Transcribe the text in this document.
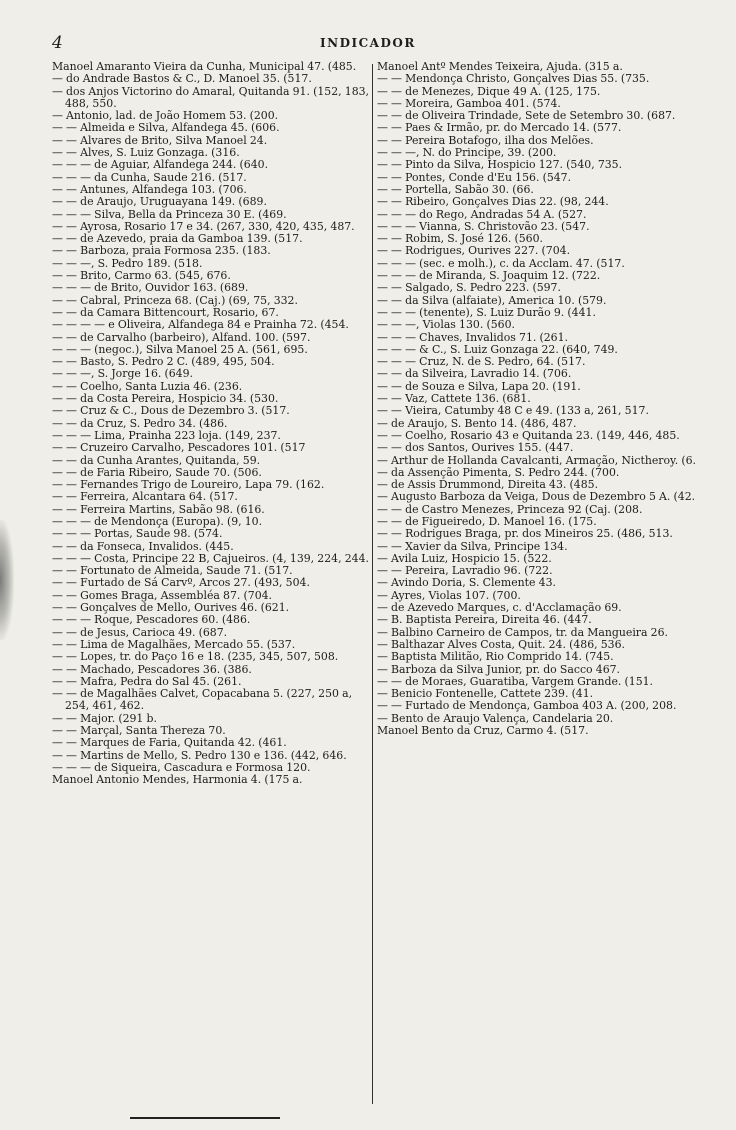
4	INDICADOR

Manoel Amaranto Vieira da Cunha, Municipal 47. (485.

— do Andrade Bastos & C., D. Manoel 35. (517.

— dos Anjos Victorino do Amaral, Quitanda 91. (152, 183, 488, 550.

— Antonio, lad. de João Homem 53. (200.

— — Almeida e Silva, Alfandega 45. (606.

— — Alvares de Brito, Silva Manoel 24.

— — Alves, S. Luiz Gonzaga. (316.

— — — de Aguiar, Alfandega 244. (640.

— — — da Cunha, Saude 216. (517.

— — Antunes, Alfandega 103. (706.

— — de Araujo, Uruguayana 149. (689.

— — — Silva, Bella da Princeza 30 E. (469.

— — Ayrosa, Rosario 17 e 34. (267, 330, 420, 435, 487.

— — de Azevedo, praia da Gamboa 139. (517.

— — Barboza, praia Formosa 235. (183.

— — —, S. Pedro 189. (518.

— — Brito, Carmo 63. (545, 676.

— — — de Brito, Ouvidor 163. (689.

— — Cabral, Princeza 68. (Caj.) (69, 75, 332.

— — da Camara Bittencourt, Rosario, 67.

— — — — e Oliveira, Alfandega 84 e Prainha 72. (454.

— — de Carvalho (barbeiro), Alfand. 100. (597.

— — — (negoc.), Silva Manoel 25 A. (561, 695.

— — Basto, S. Pedro 2 C. (489, 495, 504.

— — —, S. Jorge 16. (649.

— — Coelho, Santa Luzia 46. (236.

— — da Costa Pereira, Hospicio 34. (530.

— — Cruz & C., Dous de Dezembro 3. (517.

— — da Cruz, S. Pedro 34. (486.

— — — Lima, Prainha 223 loja. (149, 237.

— — Cruzeiro Carvalho, Pescadores 101. (517

— — da Cunha Arantes, Quitanda, 59.

— — de Faria Ribeiro, Saude 70. (506.

— — Fernandes Trigo de Loureiro, Lapa 79. (162.

— — Ferreira, Alcantara 64. (517.

— — Ferreira Martins, Sabão 98. (616.

— — — de Mendonça (Europa). (9, 10.

— — — Portas, Saude 98. (574.

— — da Fonseca, Invalidos. (445.

— — — Costa, Principe 22 B, Cajueiros. (4, 139, 224, 244.

— — Fortunato de Almeida, Saude 71. (517.

— — Furtado de Sá Carvº, Arcos 27. (493, 504.

— — Gomes Braga, Assembléa 87. (704.

— — Gonçalves de Mello, Ourives 46. (621.

— — — Roque, Pescadores 60. (486.

— — de Jesus, Carioca 49. (687.

— — Lima de Magalhães, Mercado 55. (537.

— — Lopes, tr. do Paço 16 e 18. (235, 345, 507, 508.

— — Machado, Pescadores 36. (386.

— — Mafra, Pedra do Sal 45. (261.

— — de Magalhães Calvet, Copacabana 5. (227, 250 a, 254, 461, 462.

— — Major. (291 b.

— — Marçal, Santa Thereza 70.

— — Marques de Faria, Quitanda 42. (461.

— — Martins de Mello, S. Pedro 130 e 136. (442, 646.

— — — de Siqueira, Cascadura e Formosa 120.

Manoel Antonio Mendes, Harmonia 4. (175 a.

Manoel Antº Mendes Teixeira, Ajuda. (315 a.

— — Mendonça Christo, Gonçalves Dias 55. (735.

— — de Menezes, Dique 49 A. (125, 175.

— — Moreira, Gamboa 401. (574.

— — de Oliveira Trindade, Sete de Setembro 30. (687.

— — Paes & Irmão, pr. do Mercado 14. (577.

— — Pereira Botafogo, ilha dos Melões.

— — —, N. do Principe, 39. (200.

— — Pinto da Silva, Hospicio 127. (540, 735.

— — Pontes, Conde d'Eu 156. (547.

— — Portella, Sabão 30. (66.

— — Ribeiro, Gonçalves Dias 22. (98, 244.

— — — do Rego, Andradas 54 A. (527.

— — — Vianna, S. Christovão 23. (547.

— — Robim, S. José 126. (560.

— — Rodrigues, Ourives 227. (704.

— — — (sec. e molh.), c. da Acclam. 47. (517.

— — — de Miranda, S. Joaquim 12. (722.

— — Salgado, S. Pedro 223. (597.

— — da Silva (alfaiate), America 10. (579.

— — — (tenente), S. Luiz Durão 9. (441.

— — —, Violas 130. (560.

— — — Chaves, Invalidos 71. (261.

— — — & C., S. Luiz Gonzaga 22. (640, 749.

— — — Cruz, N. de S. Pedro, 64. (517.

— — da Silveira, Lavradio 14. (706.

— — de Souza e Silva, Lapa 20. (191.

— — Vaz, Cattete 136. (681.

— — Vieira, Catumby 48 C e 49. (133 a, 261, 517.

— de Araujo, S. Bento 14. (486, 487.

— — Coelho, Rosario 43 e Quitanda 23. (149, 446, 485.

— — dos Santos, Ourives 155. (447.

— Arthur de Hollanda Cavalcanti, Armação, Nictheroy. (6.

— da Assenção Pimenta, S. Pedro 244. (700.

— de Assis Drummond, Direita 43. (485.

— Augusto Barboza da Veiga, Dous de Dezembro 5 A. (42.

— — de Castro Menezes, Princeza 92 (Caj. (208.

— — de Figueiredo, D. Manoel 16. (175.

— — Rodrigues Braga, pr. dos Mineiros 25. (486, 513.

— — Xavier da Silva, Principe 134.

— Avila Luiz, Hospicio 15. (522.

— — Pereira, Lavradio 96. (722.

— Avindo Doria, S. Clemente 43.

— Ayres, Violas 107. (700.

— de Azevedo Marques, c. d'Acclamação 69.

— B. Baptista Pereira, Direita 46. (447.

— Balbino Carneiro de Campos, tr. da Mangueira 26.

— Balthazar Alves Costa, Quit. 24. (486, 536.

— Baptista Militão, Rio Comprido 14. (745.

— Barboza da Silva Junior, pr. do Sacco 467.

— — de Moraes, Guaratiba, Vargem Grande. (151.

— Benicio Fontenelle, Cattete 239. (41.

— — Furtado de Mendonça, Gamboa 403 A. (200, 208.

— Bento de Araujo Valença, Candelaria 20.

Manoel Bento da Cruz, Carmo 4. (517.
